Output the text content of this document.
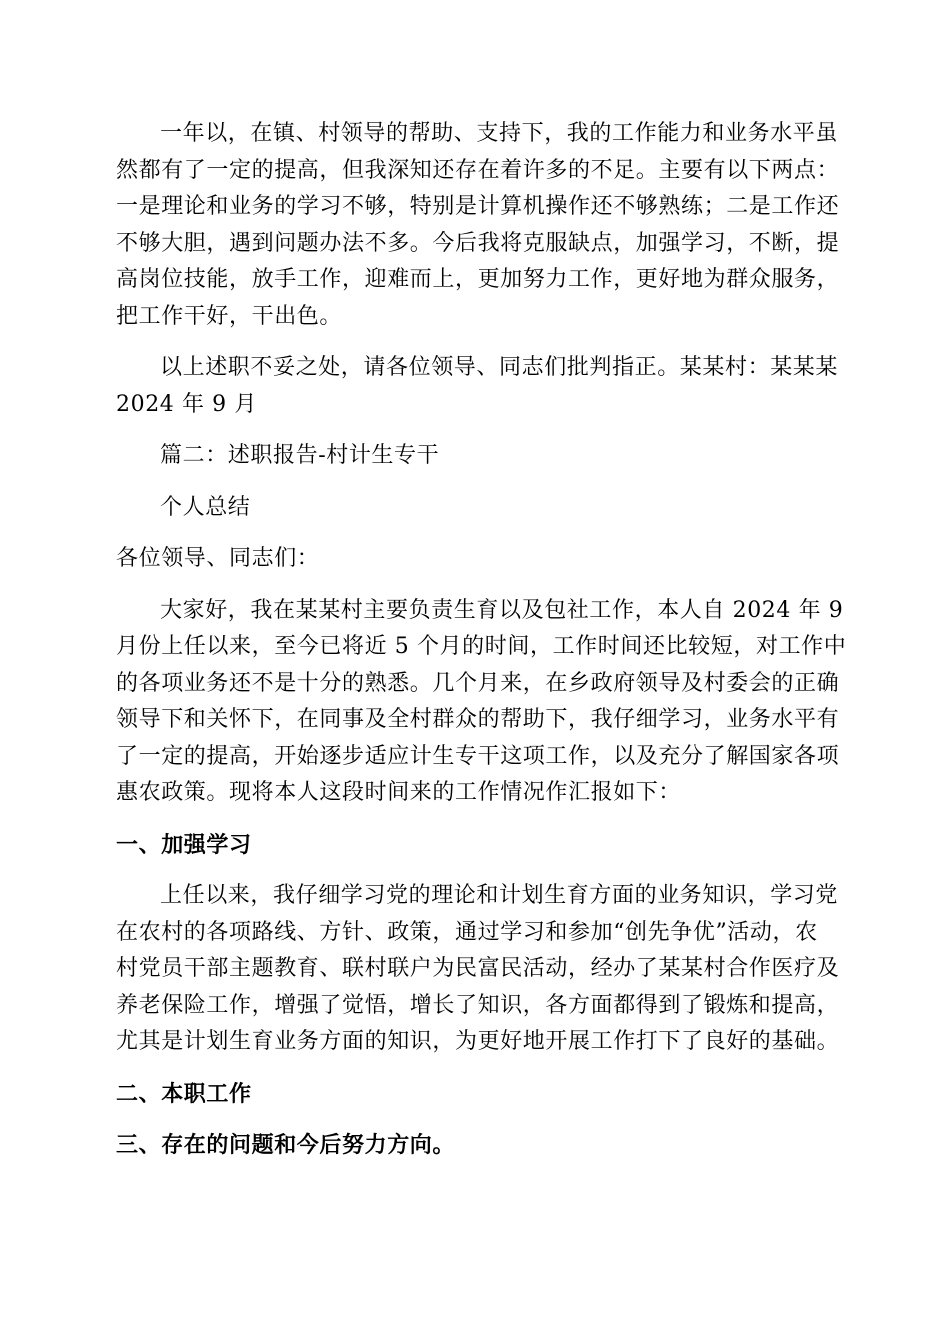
一年以，在镇、村领导的帮助、支持下，我的工作能力和业务水平虽
然都有了一定的提高，但我深知还存在着许多的不足。主要有以下两点：
一是理论和业务的学习不够，特别是计算机操作还不够熟练；二是工作还
不够大胆，遇到问题办法不多。今后我将克服缺点，加强学习，不断，提
高岗位技能，放手工作，迎难而上，更加努力工作，更好地为群众服务，
把工作干好，干出色。
以上述职不妥之处，请各位领导、同志们批判指正。某某村：某某某
2024 年 9 月
篇二：述职报告-村计生专干
个人总结
各位领导、同志们：
大家好，我在某某村主要负责生育以及包社工作，本人自 2024 年 9
月份上任以来，至今已将近 5 个月的时间，工作时间还比较短，对工作中
的各项业务还不是十分的熟悉。几个月来，在乡政府领导及村委会的正确
领导下和关怀下，在同事及全村群众的帮助下，我仔细学习，业务水平有
了一定的提高，开始逐步适应计生专干这项工作，以及充分了解国家各项
惠农政策。现将本人这段时间来的工作情况作汇报如下：
一、加强学习
上任以来，我仔细学习党的理论和计划生育方面的业务知识，学习党
在农村的各项路线、方针、政策，通过学习和参加“创先争优”活动，农
村党员干部主题教育、联村联户为民富民活动，经办了某某村合作医疗及
养老保险工作，增强了觉悟，增长了知识，各方面都得到了锻炼和提高，
尤其是计划生育业务方面的知识，为更好地开展工作打下了良好的基础。
二、本职工作
三、存在的问题和今后努力方向。
